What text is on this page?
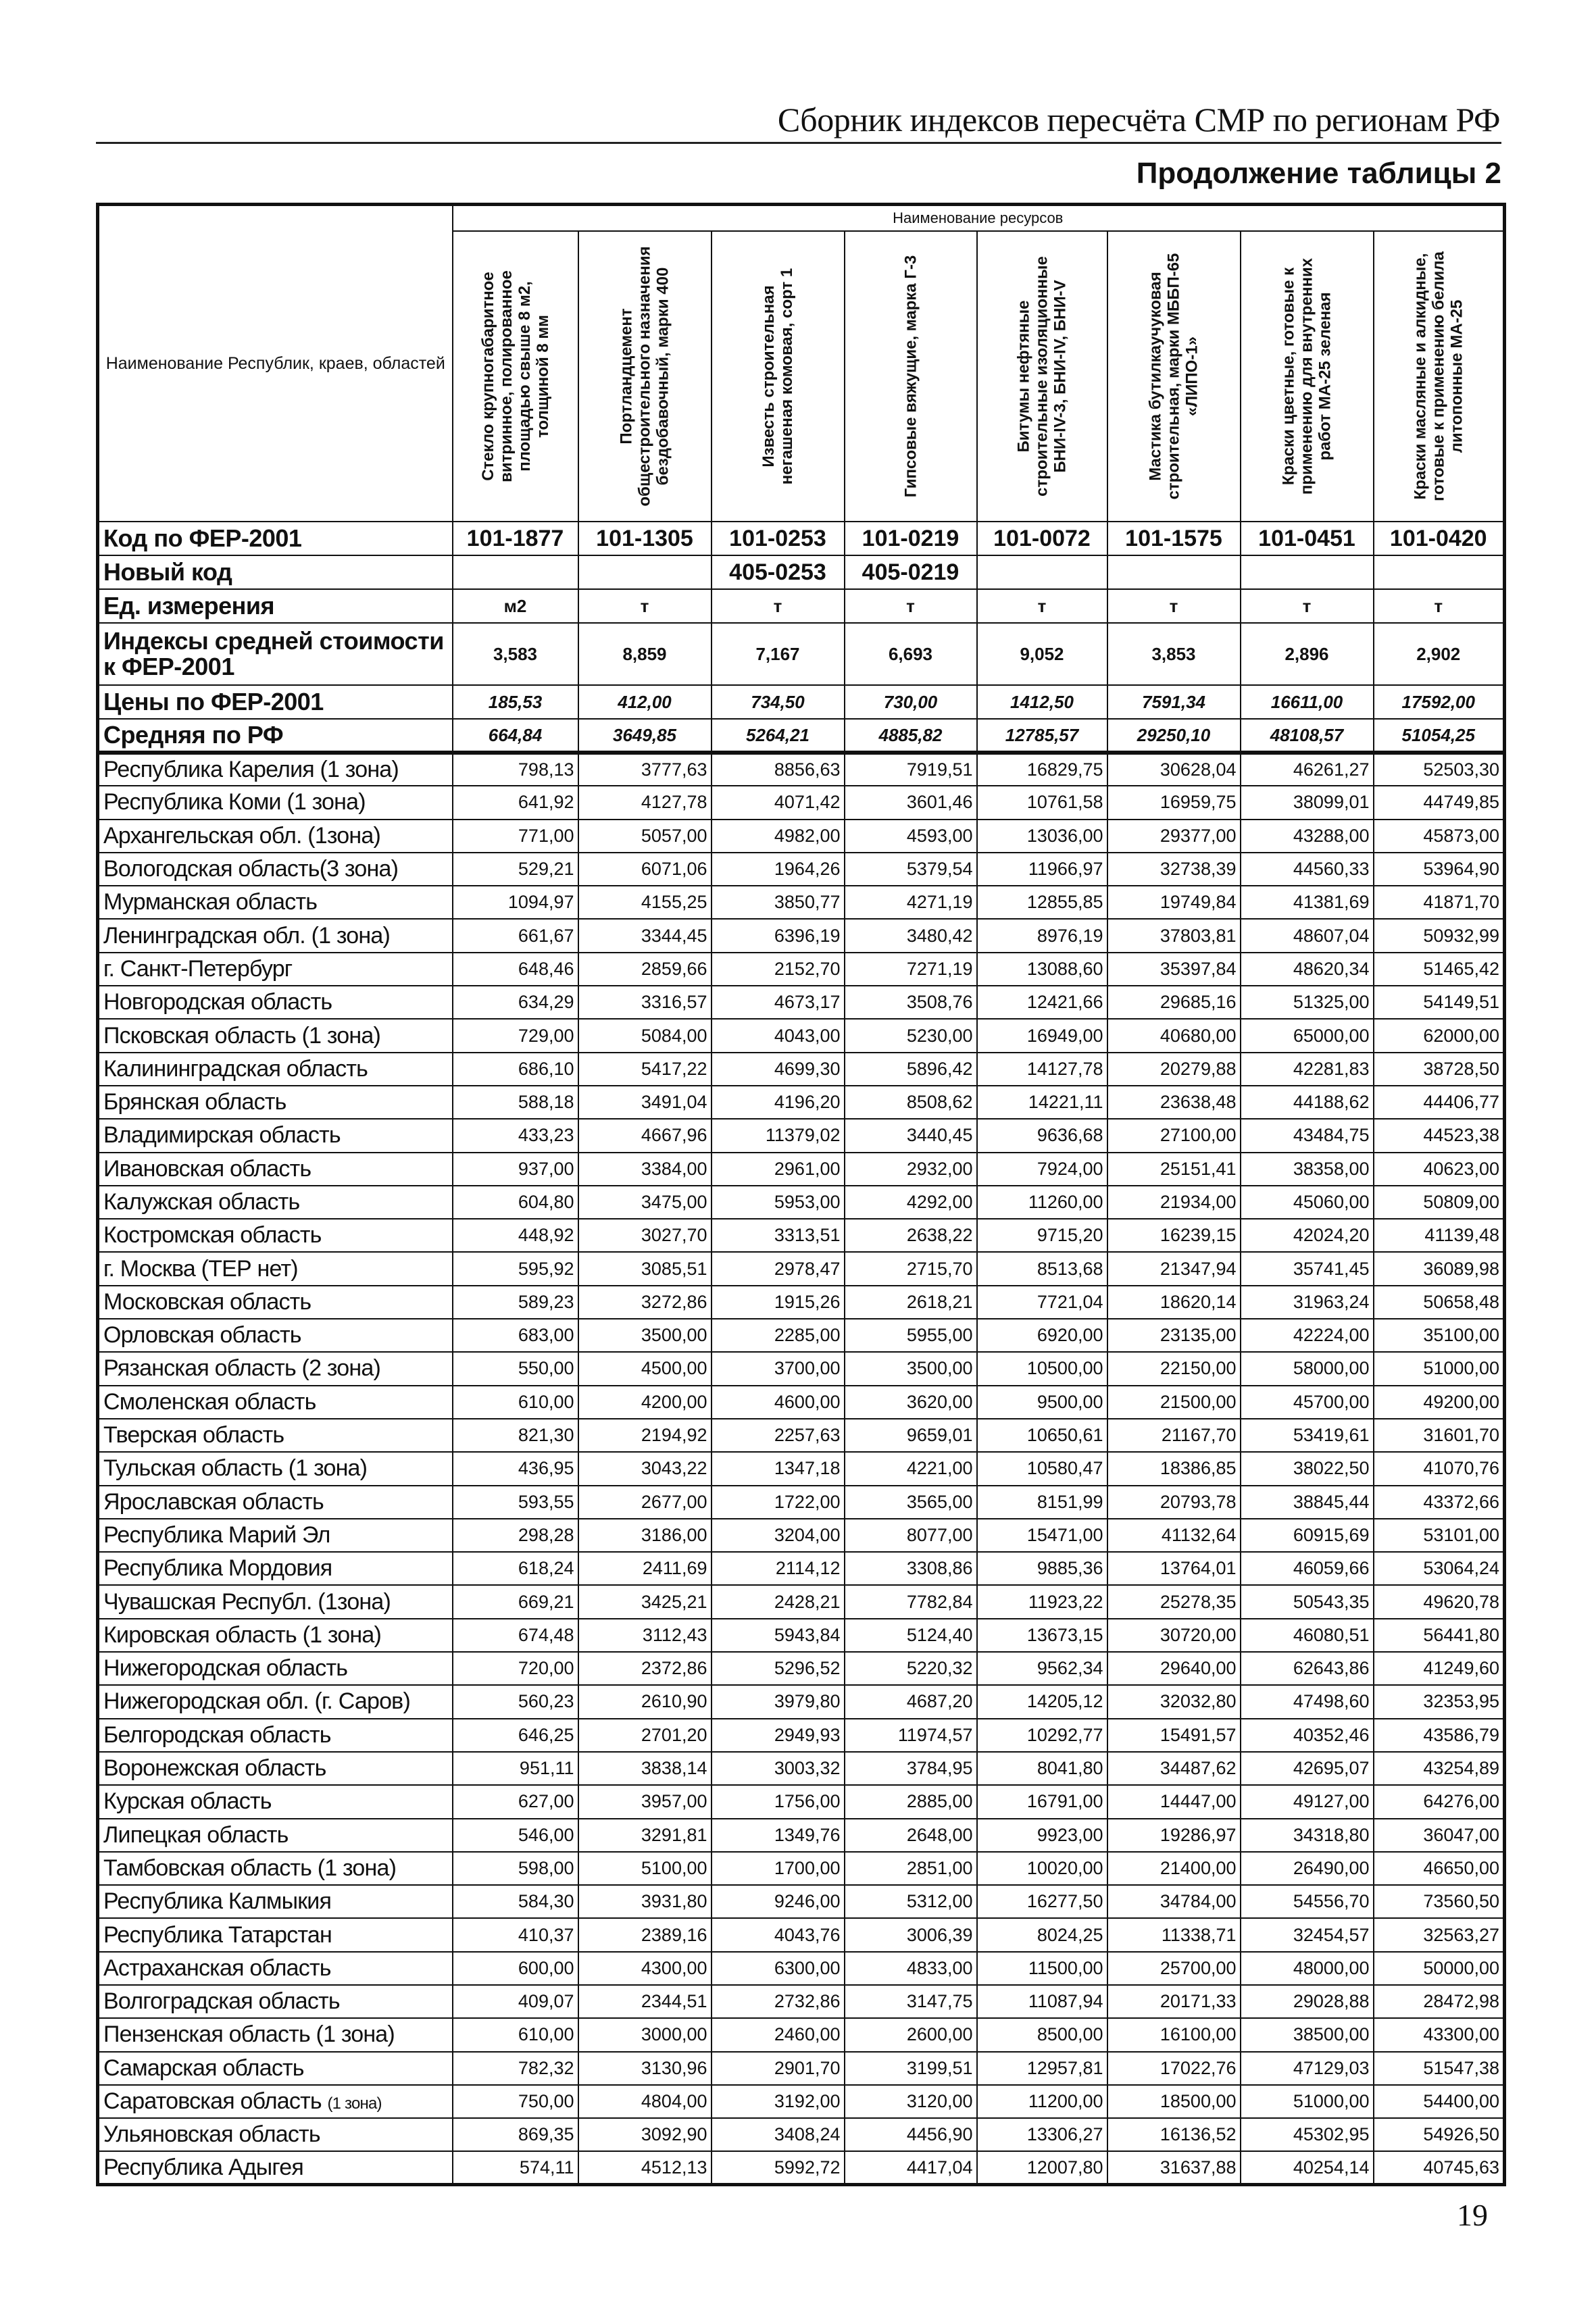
Сборник индексов пересчёта СМР по регионам РФ
Продолжение таблицы 2
Наименование Республик, краев, областей	Наименование ресурсов							

	Стекло крупногабаритное витринное, полированное площадью свыше 8 м2, толщиной 8 мм	Портландцемент общестроительного назначения бездобавочный, марки 400	Известь строительная негашеная комовая, сорт 1	Гипсовые вяжущие, марка Г-3	Битумы нефтяные строительные изоляционные БНИ-IV-3, БНИ-IV, БНИ-V	Мастика бутилкаучуковая строительная, марки МББП-65 «ЛИПО-1»	Краски цветные, готовые к применению для внутренних работ МА-25 зеленая	Краски масляные и алкидные, готовые к применению белила литопонные МА-25

Код по ФЕР-2001	101-1877	101-1305	101-0253	101-0219	101-0072	101-1575	101-0451	101-0420
Новый код			405-0253	405-0219				
Ед. измерения	м2	т	т	т	т	т	т	т

Индексы средней стоимости
к ФЕР-2001	3,583	8,859	7,167	6,693	9,052	3,853	2,896	2,902
Цены по ФЕР-2001	185,53	412,00	734,50	730,00	1412,50	7591,34	16611,00	17592,00
Средняя по РФ	664,84	3649,85	5264,21	4885,82	12785,57	29250,10	48108,57	51054,25
Республика Карелия (1 зона)	798,13	3777,63	8856,63	7919,51	16829,75	30628,04	46261,27	52503,30
Республика Коми (1 зона)	641,92	4127,78	4071,42	3601,46	10761,58	16959,75	38099,01	44749,85
Архангельская обл. (1зона)	771,00	5057,00	4982,00	4593,00	13036,00	29377,00	43288,00	45873,00
Вологодская область(3 зона)	529,21	6071,06	1964,26	5379,54	11966,97	32738,39	44560,33	53964,90
Мурманская область	1094,97	4155,25	3850,77	4271,19	12855,85	19749,84	41381,69	41871,70
Ленинградская обл. (1 зона)	661,67	3344,45	6396,19	3480,42	8976,19	37803,81	48607,04	50932,99
г. Санкт-Петербург	648,46	2859,66	2152,70	7271,19	13088,60	35397,84	48620,34	51465,42
Новгородская область	634,29	3316,57	4673,17	3508,76	12421,66	29685,16	51325,00	54149,51
Псковская область (1 зона)	729,00	5084,00	4043,00	5230,00	16949,00	40680,00	65000,00	62000,00
Калининградская область	686,10	5417,22	4699,30	5896,42	14127,78	20279,88	42281,83	38728,50
Брянская область	588,18	3491,04	4196,20	8508,62	14221,11	23638,48	44188,62	44406,77
Владимирская область	433,23	4667,96	11379,02	3440,45	9636,68	27100,00	43484,75	44523,38
Ивановская область	937,00	3384,00	2961,00	2932,00	7924,00	25151,41	38358,00	40623,00
Калужская область	604,80	3475,00	5953,00	4292,00	11260,00	21934,00	45060,00	50809,00
Костромская область	448,92	3027,70	3313,51	2638,22	9715,20	16239,15	42024,20	41139,48
г. Москва (ТЕР нет)	595,92	3085,51	2978,47	2715,70	8513,68	21347,94	35741,45	36089,98
Московская область	589,23	3272,86	1915,26	2618,21	7721,04	18620,14	31963,24	50658,48
Орловская область	683,00	3500,00	2285,00	5955,00	6920,00	23135,00	42224,00	35100,00
Рязанская область (2 зона)	550,00	4500,00	3700,00	3500,00	10500,00	22150,00	58000,00	51000,00
Смоленская область	610,00	4200,00	4600,00	3620,00	9500,00	21500,00	45700,00	49200,00
Тверская область	821,30	2194,92	2257,63	9659,01	10650,61	21167,70	53419,61	31601,70
Тульская область (1 зона)	436,95	3043,22	1347,18	4221,00	10580,47	18386,85	38022,50	41070,76
Ярославская область	593,55	2677,00	1722,00	3565,00	8151,99	20793,78	38845,44	43372,66
Республика Марий Эл	298,28	3186,00	3204,00	8077,00	15471,00	41132,64	60915,69	53101,00
Республика Мордовия	618,24	2411,69	2114,12	3308,86	9885,36	13764,01	46059,66	53064,24
Чувашская Республ. (1зона)	669,21	3425,21	2428,21	7782,84	11923,22	25278,35	50543,35	49620,78
Кировская область (1 зона)	674,48	3112,43	5943,84	5124,40	13673,15	30720,00	46080,51	56441,80
Нижегородская область	720,00	2372,86	5296,52	5220,32	9562,34	29640,00	62643,86	41249,60
Нижегородская обл. (г. Саров)	560,23	2610,90	3979,80	4687,20	14205,12	32032,80	47498,60	32353,95
Белгородская область	646,25	2701,20	2949,93	11974,57	10292,77	15491,57	40352,46	43586,79
Воронежская область	951,11	3838,14	3003,32	3784,95	8041,80	34487,62	42695,07	43254,89
Курская область	627,00	3957,00	1756,00	2885,00	16791,00	14447,00	49127,00	64276,00
Липецкая область	546,00	3291,81	1349,76	2648,00	9923,00	19286,97	34318,80	36047,00
Тамбовская область (1 зона)	598,00	5100,00	1700,00	2851,00	10020,00	21400,00	26490,00	46650,00
Республика Калмыкия	584,30	3931,80	9246,00	5312,00	16277,50	34784,00	54556,70	73560,50
Республика Татарстан	410,37	2389,16	4043,76	3006,39	8024,25	11338,71	32454,57	32563,27
Астраханская область	600,00	4300,00	6300,00	4833,00	11500,00	25700,00	48000,00	50000,00
Волгоградская область	409,07	2344,51	2732,86	3147,75	11087,94	20171,33	29028,88	28472,98
Пензенская область (1 зона)	610,00	3000,00	2460,00	2600,00	8500,00	16100,00	38500,00	43300,00
Самарская область	782,32	3130,96	2901,70	3199,51	12957,81	17022,76	47129,03	51547,38
Саратовская область (1 зона)	750,00	4804,00	3192,00	3120,00	11200,00	18500,00	51000,00	54400,00
Ульяновская область	869,35	3092,90	3408,24	4456,90	13306,27	16136,52	45302,95	54926,50
Республика Адыгея	574,11	4512,13	5992,72	4417,04	12007,80	31637,88	40254,14	40745,63
19
